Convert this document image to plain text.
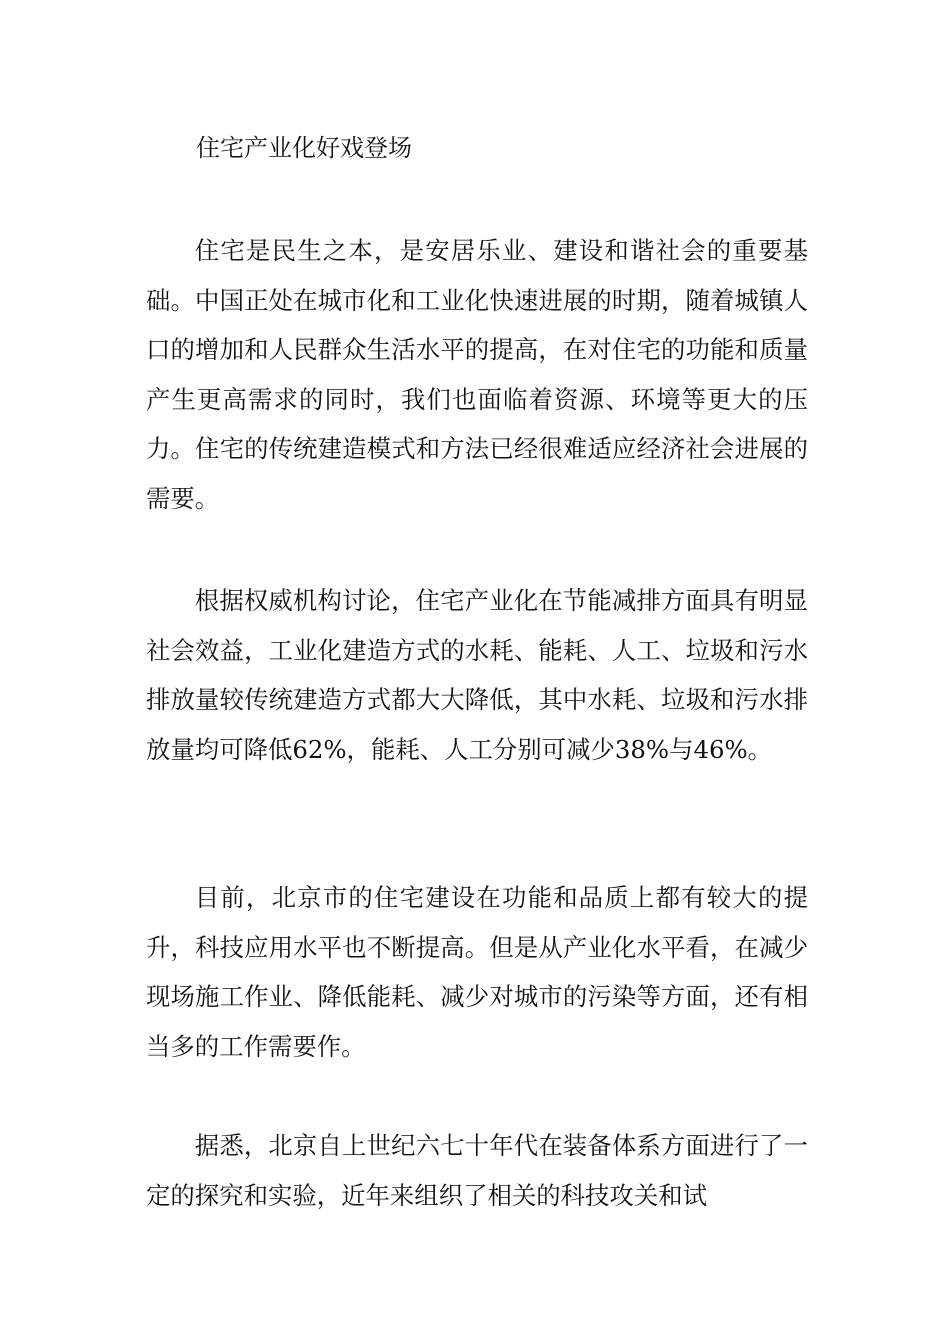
住宅产业化好戏登场

住宅是民生之本，是安居乐业、建设和谐社会的重要基础。中国正处在城市化和工业化快速进展的时期，随着城镇人口的增加和人民群众生活水平的提高，在对住宅的功能和质量产生更高需求的同时，我们也面临着资源、环境等更大的压力。住宅的传统建造模式和方法已经很难适应经济社会进展的需要。

根据权威机构讨论，住宅产业化在节能减排方面具有明显社会效益，工业化建造方式的水耗、能耗、人工、垃圾和污水排放量较传统建造方式都大大降低，其中水耗、垃圾和污水排放量均可降低62%，能耗、人工分别可减少38%与46%。

目前，北京市的住宅建设在功能和品质上都有较大的提升，科技应用水平也不断提高。但是从产业化水平看，在减少现场施工作业、降低能耗、减少对城市的污染等方面，还有相当多的工作需要作。

据悉，北京自上世纪六七十年代在装备体系方面进行了一定的探究和实验，近年来组织了相关的科技攻关和试
